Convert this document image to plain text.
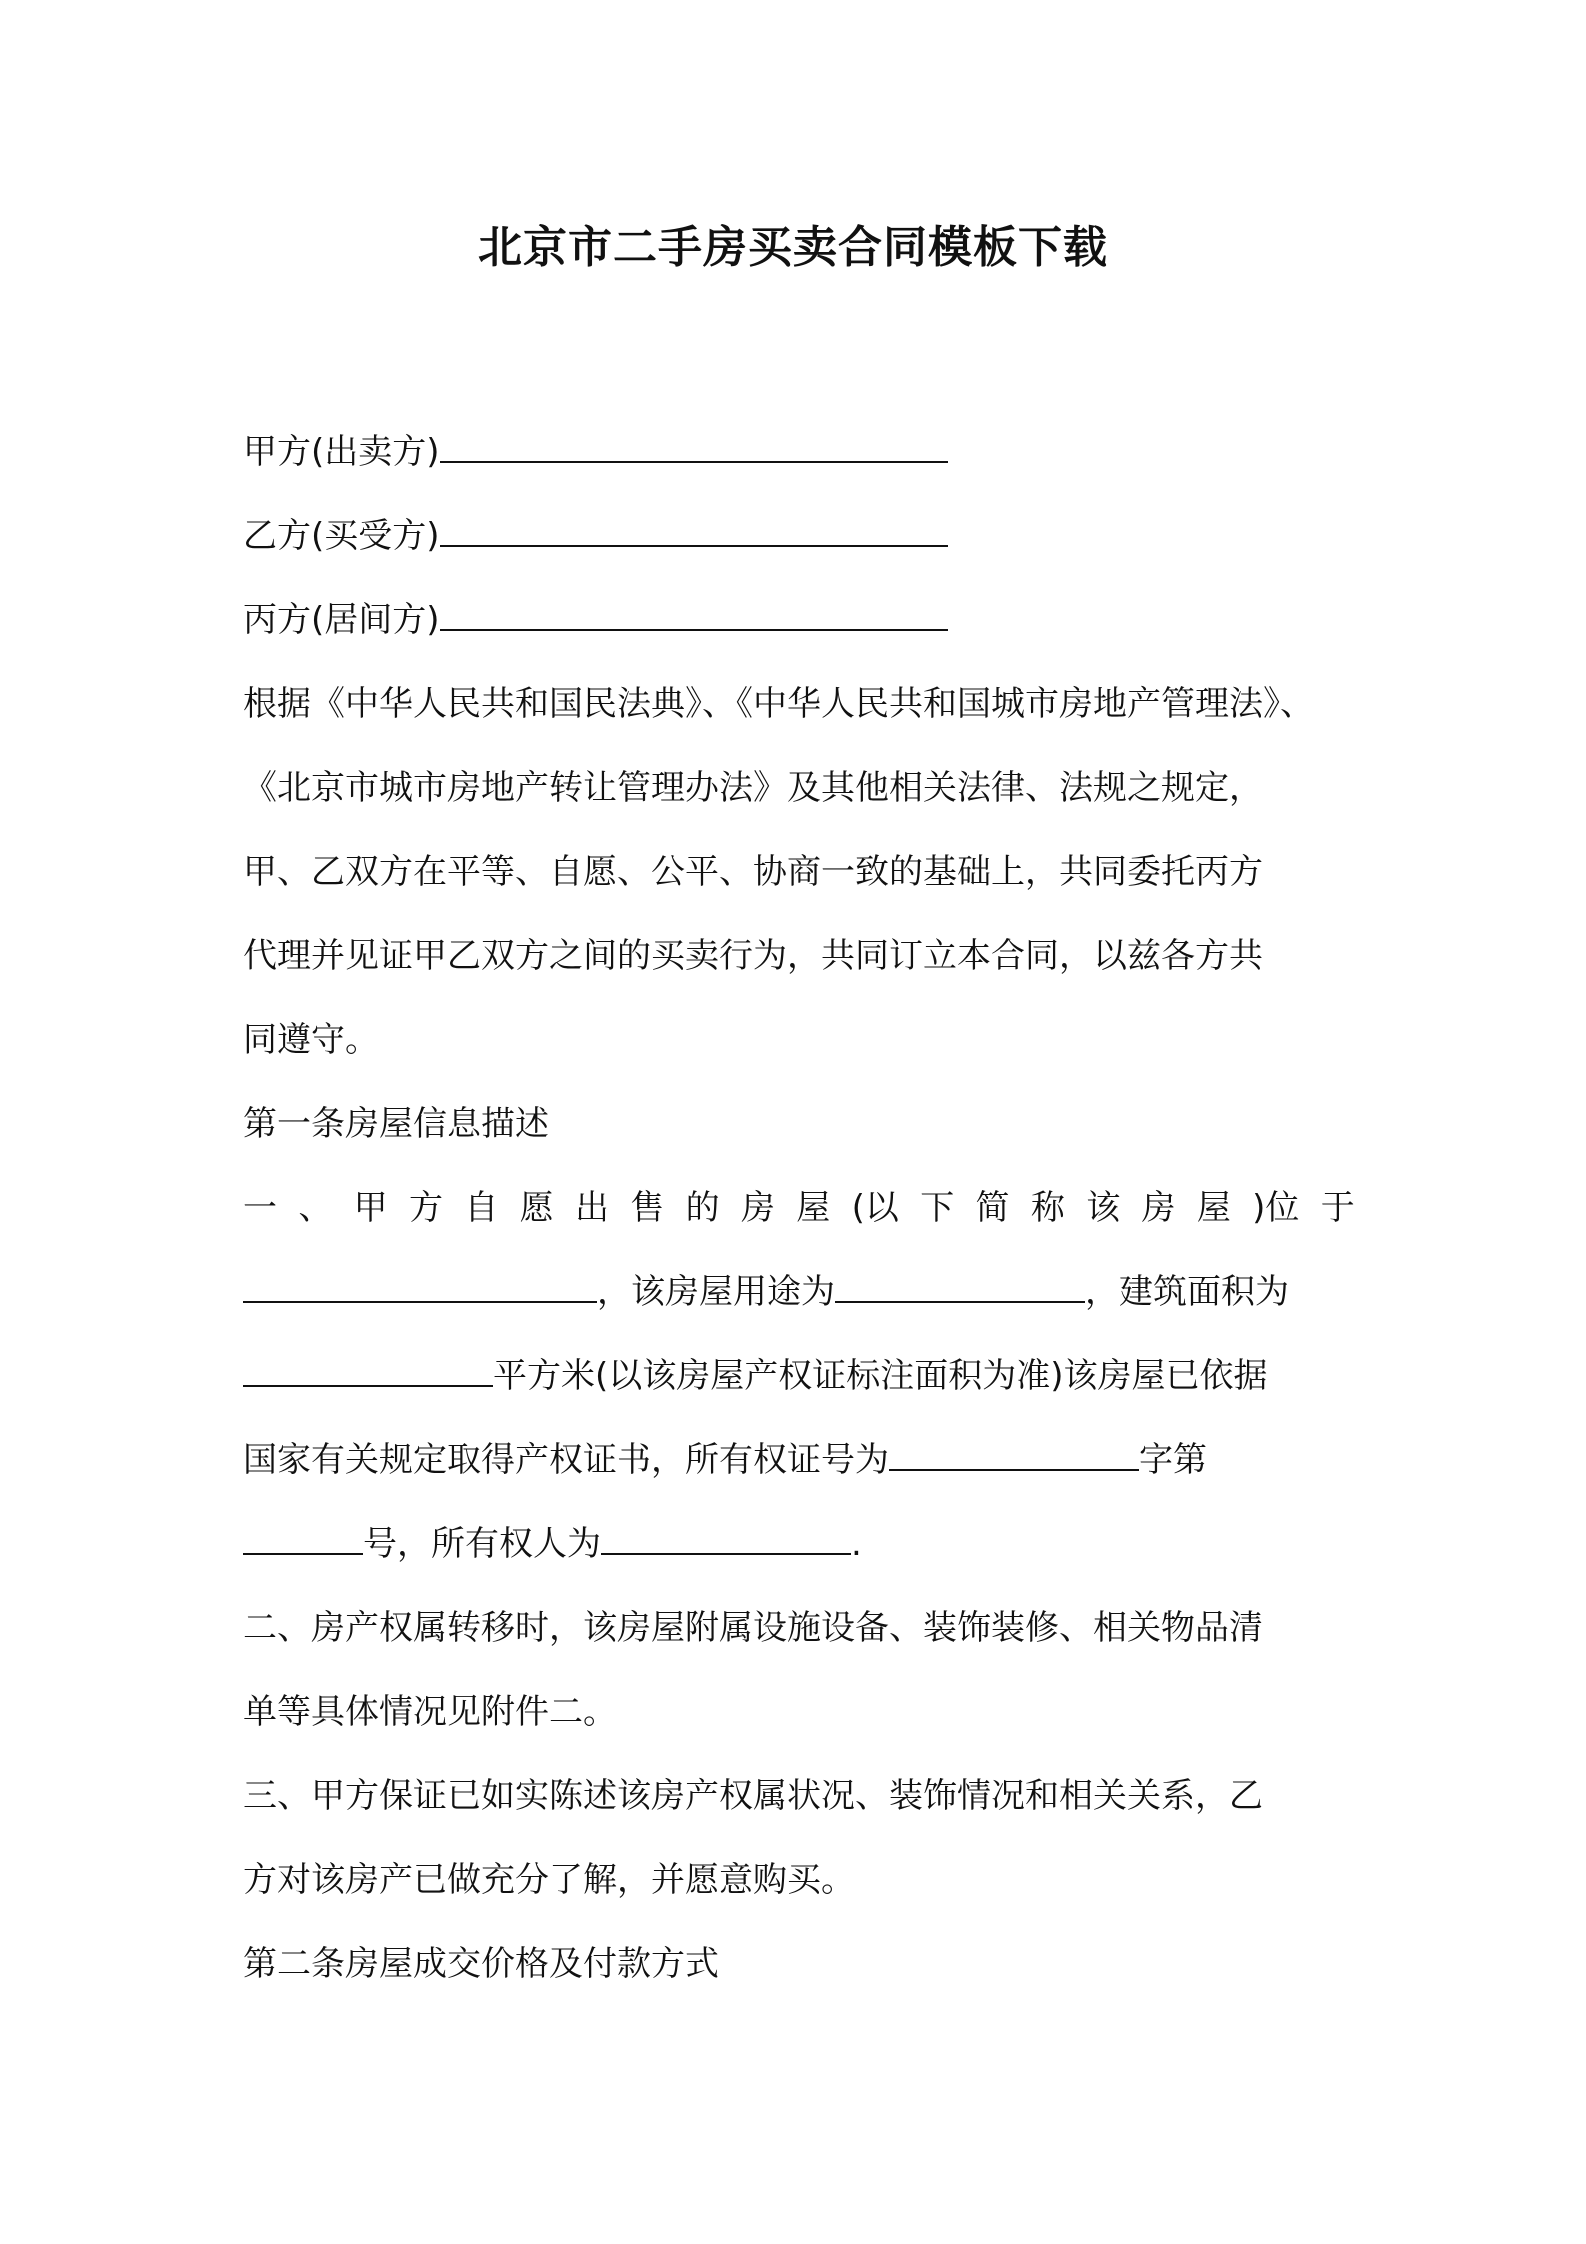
北京市二手房买卖合同模板下载
甲方(出卖方)
乙方(买受方)
丙方(居间方)
根据《中华人民共和国民法典》、《中华人民共和国城市房地产管理法》、
《北京市城市房地产转让管理办法》及其他相关法律、法规之规定，
甲、乙双方在平等、自愿、公平、协商一致的基础上，共同委托丙方
代理并见证甲乙双方之间的买卖行为，共同订立本合同，以兹各方共
同遵守。
第一条房屋信息描述
一 、 甲 方 自 愿 出 售 的 房 屋 (以 下 简 称 该 房 屋 )位 于
，该房屋用途为	，建筑面积为
平方米(以该房屋产权证标注面积为准)该房屋已依据
国家有关规定取得产权证书，所有权证号为	字第
号，所有权人为	.
二、房产权属转移时，该房屋附属设施设备、装饰装修、相关物品清
单等具体情况见附件二。
三、甲方保证已如实陈述该房产权属状况、装饰情况和相关关系，乙
方对该房产已做充分了解，并愿意购买。
第二条房屋成交价格及付款方式
